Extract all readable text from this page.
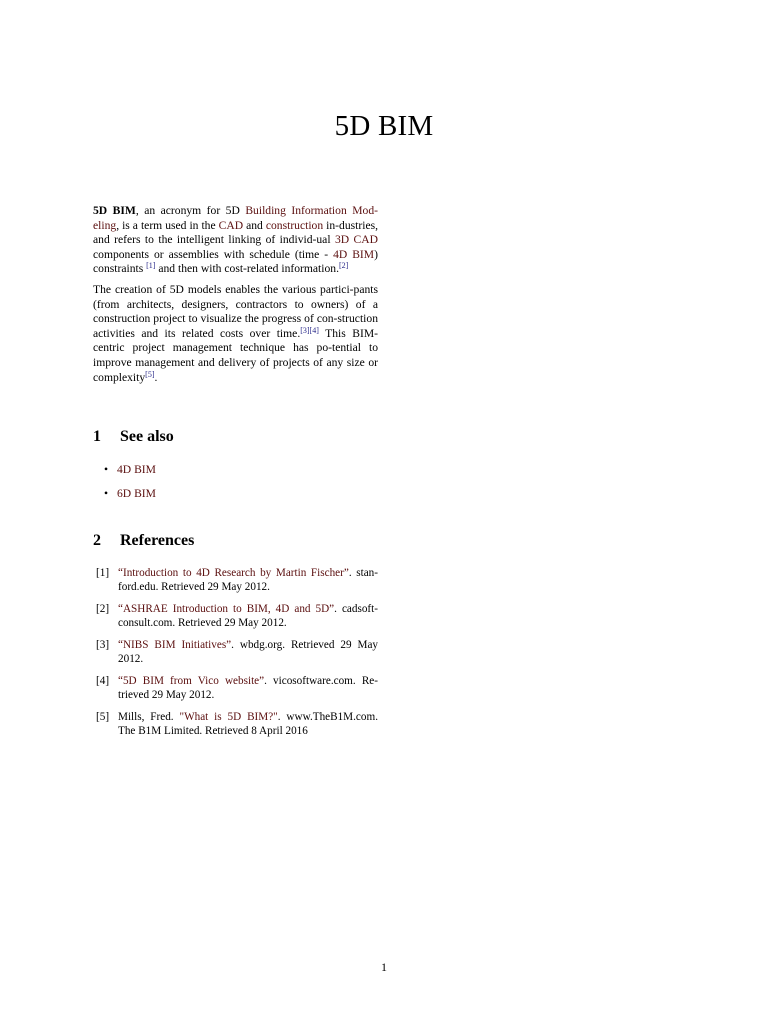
5D BIM

5D BIM, an acronym for 5D Building Information Mod-eling, is a term used in the CAD and construction in-dustries, and refers to the intelligent linking of individ-ual 3D CAD components or assemblies with schedule (time - 4D BIM) constraints [1] and then with cost-related information.[2]

The creation of 5D models enables the various partici-pants (from architects, designers, contractors to owners) of a construction project to visualize the progress of con-struction activities and its related costs over time.[3][4] This BIM-centric project management technique has po-tential to improve management and delivery of projects of any size or complexity[5].

1 See also
• 4D BIM
• 6D BIM
2 References
[1] “Introduction to 4D Research by Martin Fischer”. stan-ford.edu. Retrieved 29 May 2012.
[2] “ASHRAE Introduction to BIM, 4D and 5D”. cadsoft-consult.com. Retrieved 29 May 2012.
[3] “NIBS BIM Initiatives”. wbdg.org. Retrieved 29 May 2012.
[4] “5D BIM from Vico website”. vicosoftware.com. Re-trieved 29 May 2012.
[5] Mills, Fred. "What is 5D BIM?". www.TheB1M.com. The B1M Limited. Retrieved 8 April 2016
1
